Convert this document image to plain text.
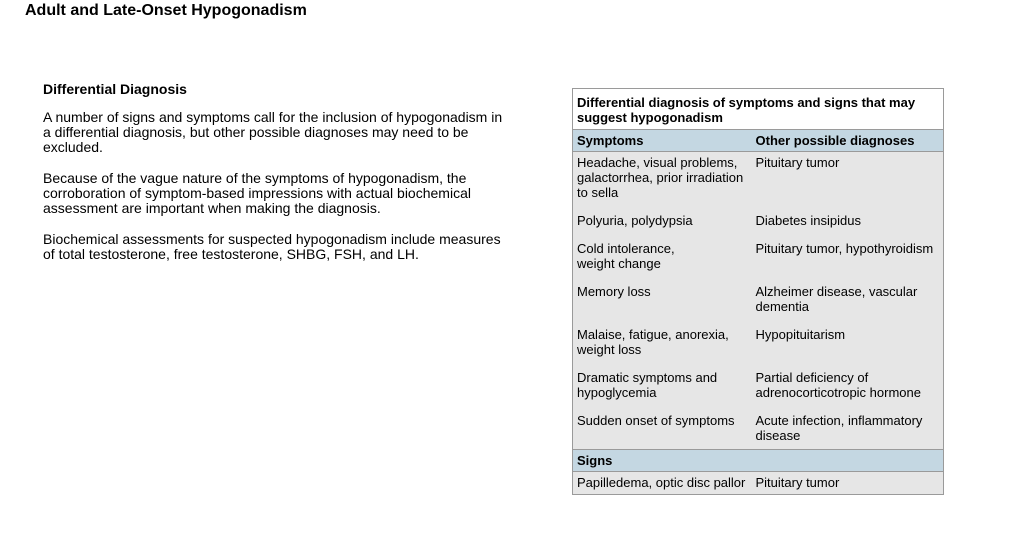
Adult and Late-Onset Hypogonadism
Differential Diagnosis

A number of signs and symptoms call for the inclusion of hypogonadism in a differential diagnosis, but other possible diagnoses may need to be excluded.

Because of the vague nature of the symptoms of hypogonadism, the corroboration of symptom-based impressions with actual biochemical assessment are important when making the diagnosis.

Biochemical assessments for suspected hypogonadism include measures of total testosterone, free testosterone, SHBG, FSH, and LH.

Differential diagnosis of symptoms and signs that may suggest hypogonadism	
Symptoms	Other possible diagnoses
Headache, visual problems, galactorrhea, prior irradiation to sella	Pituitary tumor
Polyuria, polydypsia	Diabetes insipidus
Cold intolerance,
weight change	Pituitary tumor, hypothyroidism
Memory loss	Alzheimer disease, vascular dementia
Malaise, fatigue, anorexia, weight loss	Hypopituitarism
Dramatic symptoms and hypoglycemia	Partial deficiency of adrenocorticotropic hormone
Sudden onset of symptoms	Acute infection, inflammatory disease
Signs	
Papilledema, optic disc pallor	Pituitary tumor
